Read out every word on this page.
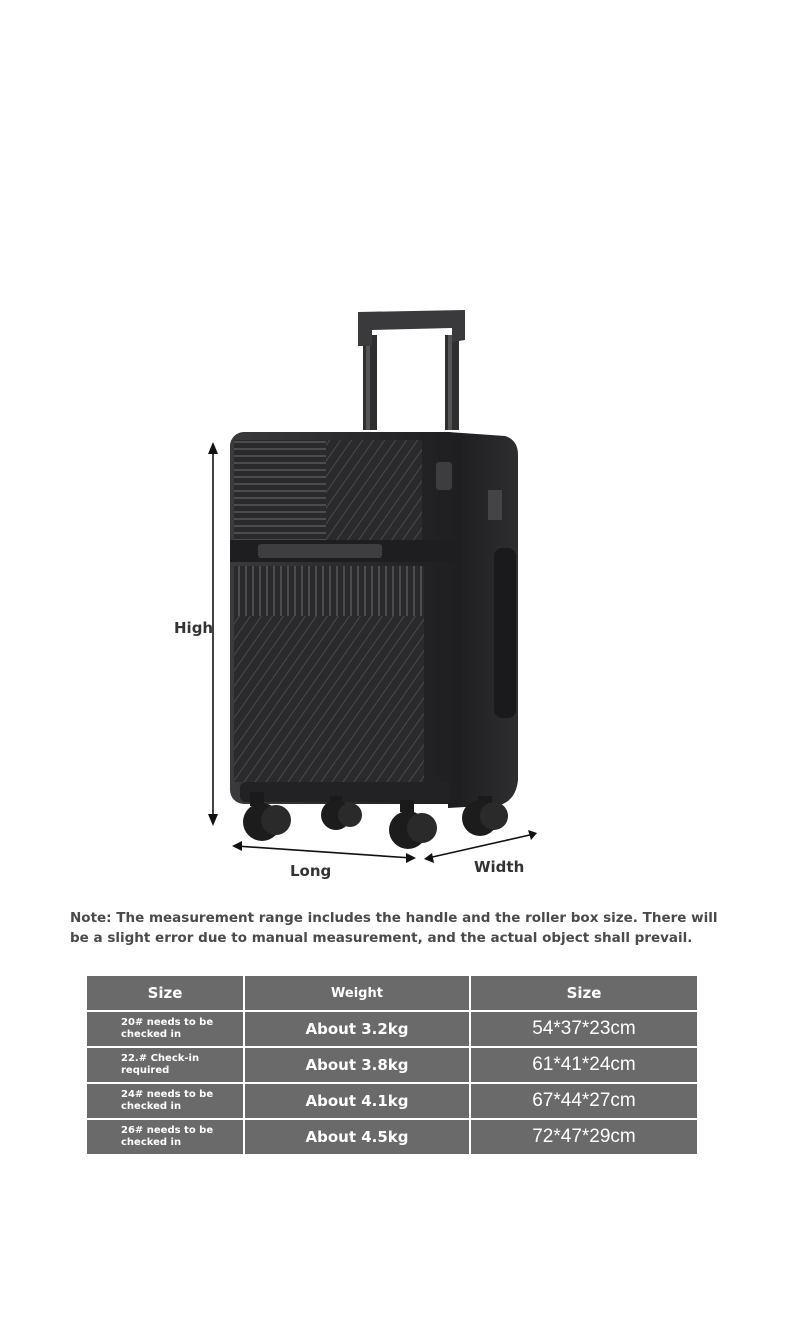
High
Long	Width
Note: The measurement range includes the handle and the roller box size. There will be a slight error due to manual measurement, and the actual object shall prevail.
Size	Weight	Size

20# needs to be checked in	About 3.2kg	54*37*23cm

22.# Check-in required	About 3.8kg	61*41*24cm

24# needs to be checked in	About 4.1kg	67*44*27cm

26# needs to be checked in	About 4.5kg	72*47*29cm
